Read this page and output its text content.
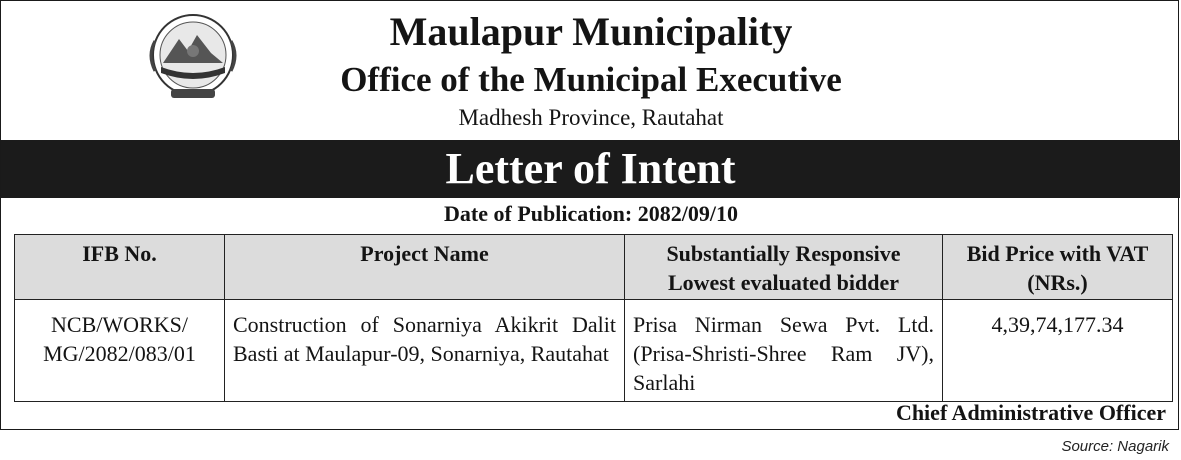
Maulapur Municipality
Office of the Municipal Executive
Madhesh Province, Rautahat
Letter of Intent
Date of Publication: 2082/09/10
IFB No.	Project Name	Substantially Responsive Lowest evaluated bidder	Bid Price with VAT (NRs.)
NCB/WORKS/ MG/2082/083/01	Construction of Sonarniya Akikrit Dalit Basti at Maulapur-09, Sonarniya, Rautahat	Prisa Nirman Sewa Pvt. Ltd. (Prisa-Shristi-Shree Ram JV), Sarlahi	4,39,74,177.34
Chief Administrative Officer
Source: Nagarik
